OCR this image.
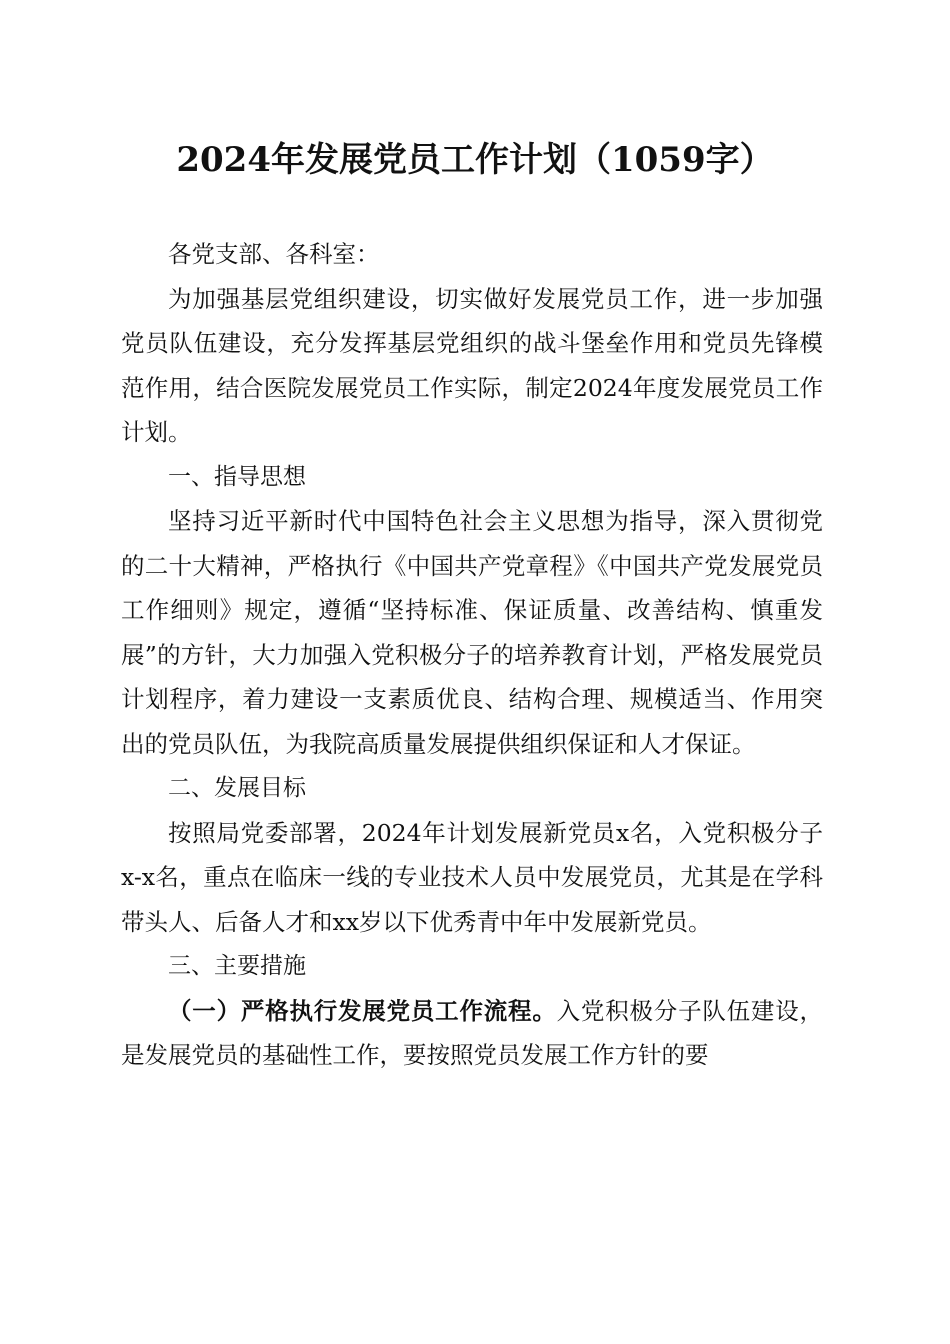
2024年发展党员工作计划（1059字）

各党支部、各科室：

为加强基层党组织建设，切实做好发展党员工作，进一步加强党员队伍建设，充分发挥基层党组织的战斗堡垒作用和党员先锋模范作用，结合医院发展党员工作实际，制定2024年度发展党员工作计划。

一、指导思想

坚持习近平新时代中国特色社会主义思想为指导，深入贯彻党的二十大精神，严格执行《中国共产党章程》《中国共产党发展党员工作细则》规定，遵循“坚持标准、保证质量、改善结构、慎重发展”的方针，大力加强入党积极分子的培养教育计划，严格发展党员计划程序，着力建设一支素质优良、结构合理、规模适当、作用突出的党员队伍，为我院高质量发展提供组织保证和人才保证。

二、发展目标

按照局党委部署，2024年计划发展新党员x名，入党积极分子x-x名，重点在临床一线的专业技术人员中发展党员，尤其是在学科带头人、后备人才和xx岁以下优秀青中年中发展新党员。

三、主要措施

（一）严格执行发展党员工作流程。入党积极分子队伍建设，是发展党员的基础性工作，要按照党员发展工作方针的要
